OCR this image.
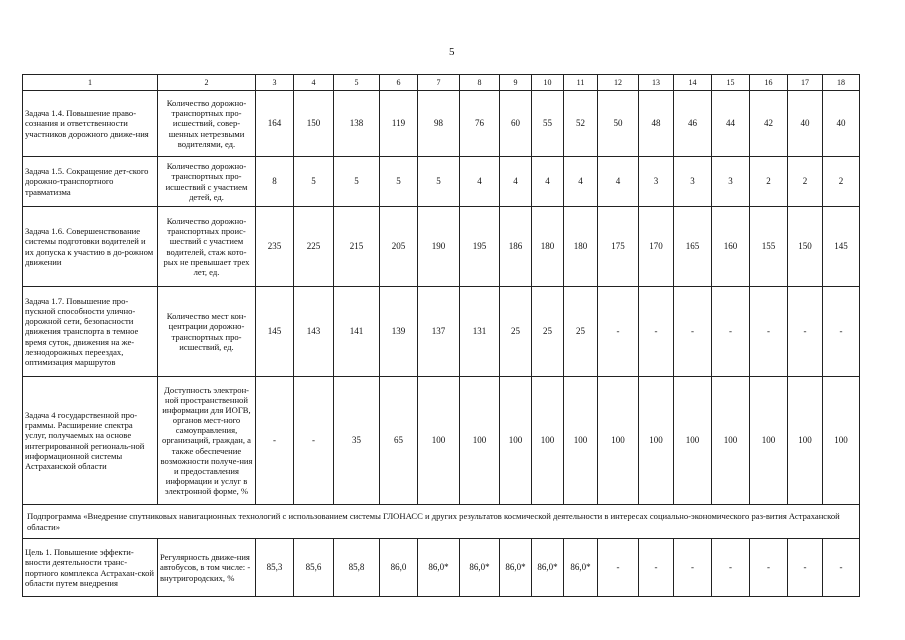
5
1	2	3	4	5	6	7	8	9	10	11	12	13	14	15	16	17	18
Задача 1.4. Повышение право-сознания и ответственности участников дорожного движе-ния	Количество дорожно-транспортных про-исшествий, совер-шенных нетрезвыми водителями, ед.	164	150	138	119	98	76	60	55	52	50	48	46	44	42	40	40
Задача 1.5. Сокращение дет-ского дорожно-транспортного травматизма	Количество дорожно-транспортных про-исшествий с участием детей, ед.	8	5	5	5	5	4	4	4	4	4	3	3	3	2	2	2
Задача 1.6. Совершенствование системы подготовки водителей и их допуска к участию в до-рожном движении	Количество дорожно-транспортных проис-шествий с участием водителей, стаж кото-рых не превышает трех лет, ед.	235	225	215	205	190	195	186	180	180	175	170	165	160	155	150	145
Задача 1.7. Повышение про-пускной способности улично-дорожной сети, безопасности движения транспорта в темное время суток, движения на же-лезнодорожных переездах, оптимизация маршрутов	Количество мест кон-центрации дорожно-транспортных про-исшествий, ед.	145	143	141	139	137	131	25	25	25	-	-	-	-	-	-	-
Задача 4 государственной про-граммы. Расширение спектра услуг, получаемых на основе интегрированной региональ-ной информационной системы Астраханской области	Доступность электрон-ной пространственной информации для ИОГВ, органов мест-ного самоуправления, организаций, граждан, а также обеспечение возможности получе-ния и предоставления информации и услуг в электронной форме, %	-	-	35	65	100	100	100	100	100	100	100	100	100	100	100	100
Подпрограмма «Внедрение спутниковых навигационных технологий с использованием системы ГЛОНАСС и других результатов космической деятельности в интересах социально-экономического раз-вития Астраханской области»																	
Цель 1. Повышение эффекти-вности деятельности транс-портного комплекса Астрахан-ской области путем внедрения	Регулярность движе-ния автобусов, в том числе: - внутригородских, %	85,3	85,6	85,8	86,0	86,0*	86,0*	86,0*	86,0*	86,0*	-	-	-	-	-	-	-
